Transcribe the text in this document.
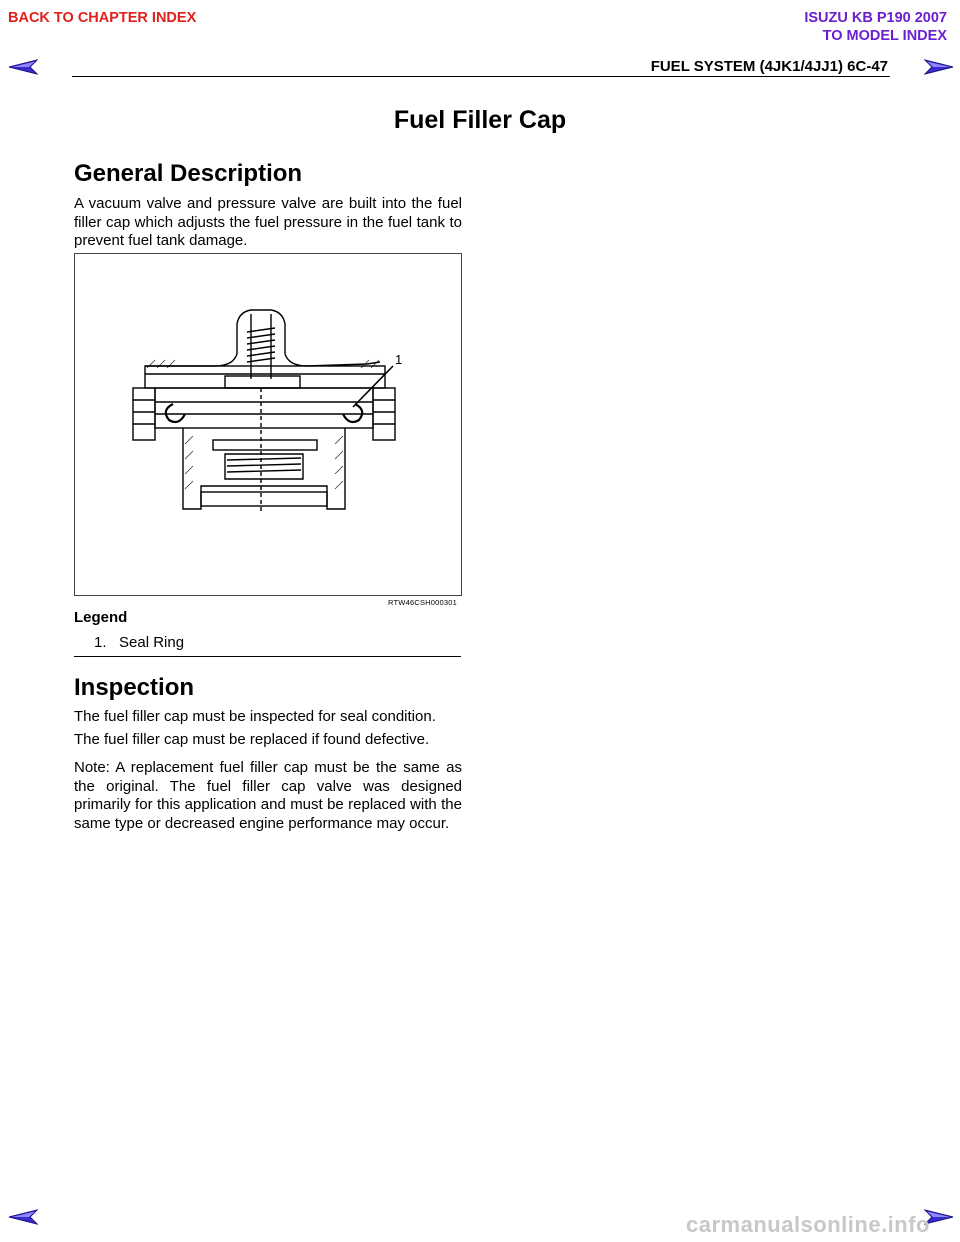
BACK TO CHAPTER INDEX	ISUZU KB P190 2007
TO MODEL INDEX
FUEL SYSTEM (4JK1/4JJ1) 6C-47
Fuel Filler Cap
General Description

A vacuum valve and pressure valve are built into the fuel filler cap which adjusts the fuel pressure in the fuel tank to prevent fuel tank damage.

1
RTW46CSH000301
Legend
1.   Seal Ring
Inspection
The fuel filler cap must be inspected for seal condition.
The fuel filler cap must be replaced if found defective.

Note: A replacement fuel filler cap must be the same as the original. The fuel filler cap valve was designed primarily for this application and must be replaced with the same type or decreased engine performance may occur.

carmanualsonline.info
